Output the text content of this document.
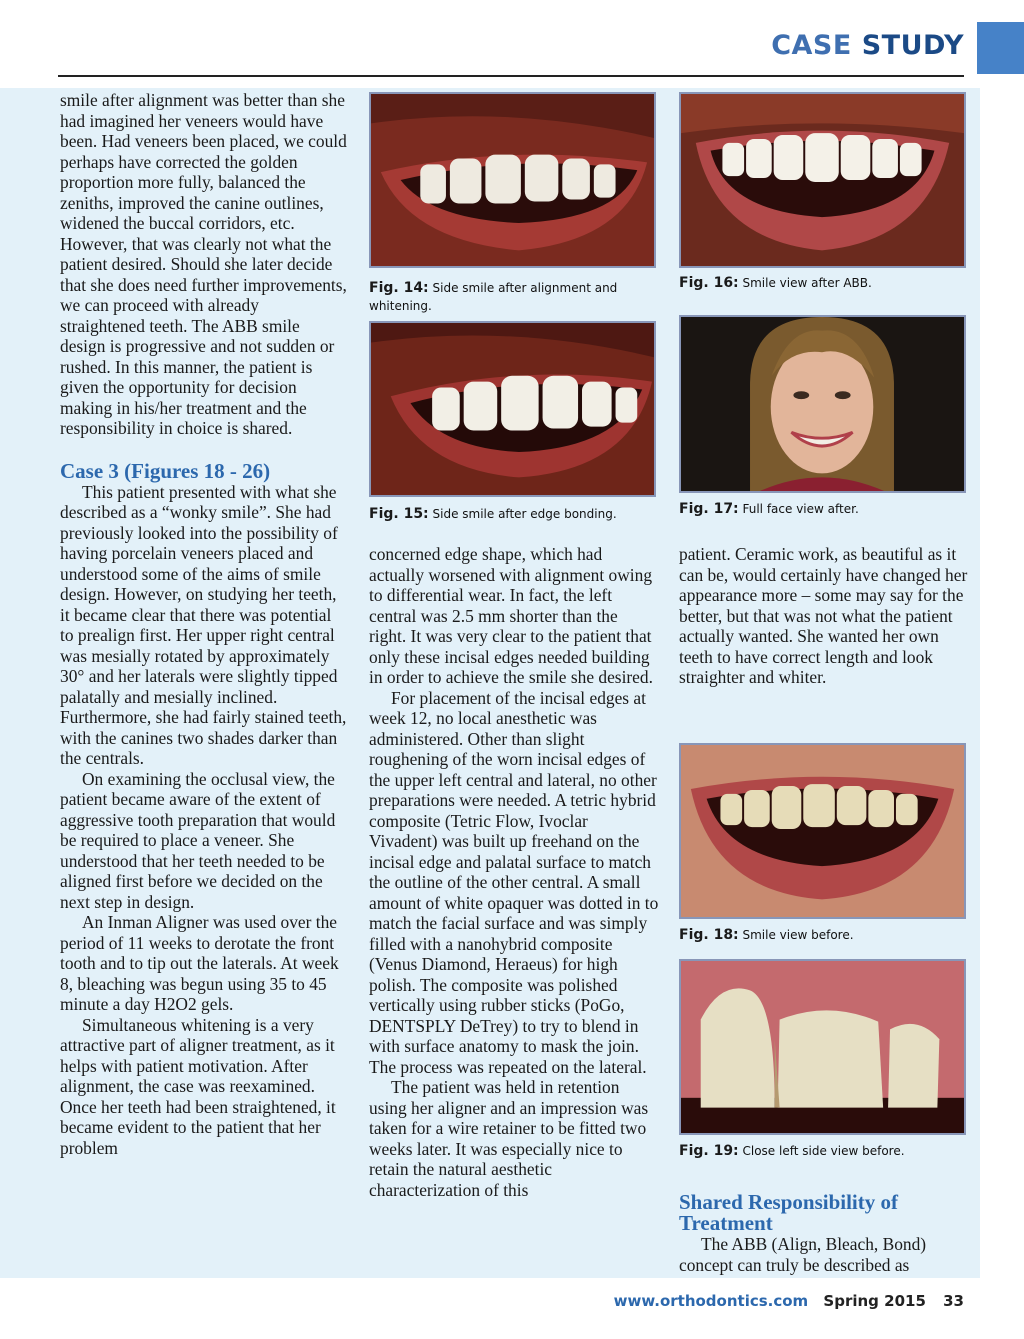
CASE STUDY

smile after alignment was better than she had imagined her veneers would have been. Had veneers been placed, we could perhaps have corrected the golden proportion more fully, balanced the zeniths, improved the canine outlines, widened the buccal corridors, etc. However, that was clearly not what the patient desired. Should she later decide that she does need further improvements, we can proceed with already straightened teeth. The ABB smile design is progressive and not sudden or rushed. In this manner, the patient is given the opportunity for decision making in his/her treatment and the responsibility in choice is shared.

Case 3 (Figures 18 - 26)

This patient presented with what she described as a “wonky smile”. She had previously looked into the possibility of having porcelain veneers placed and understood some of the aims of smile design. However, on studying her teeth, it became clear that there was potential to prealign first. Her upper right central was mesially rotated by approximately 30° and her laterals were slightly tipped palatally and mesially inclined. Furthermore, she had fairly stained teeth, with the canines two shades darker than the centrals.

On examining the occlusal view, the patient became aware of the extent of aggressive tooth preparation that would be required to place a veneer. She understood that her teeth needed to be aligned first before we decided on the next step in design.

An Inman Aligner was used over the period of 11 weeks to derotate the front tooth and to tip out the laterals. At week 8, bleaching was begun using 35 to 45 minute a day H2O2 gels.

Simultaneous whitening is a very attractive part of aligner treatment, as it helps with patient motivation. After alignment, the case was reexamined. Once her teeth had been straightened, it became evident to the patient that her problem

Fig. 14: Side smile after alignment and whitening.
Fig. 15: Side smile after edge bonding.

concerned edge shape, which had actually worsened with alignment owing to differential wear. In fact, the left central was 2.5 mm shorter than the right. It was very clear to the patient that only these incisal edges needed building in order to achieve the smile she desired.

For placement of the incisal edges at week 12, no local anesthetic was administered. Other than slight roughening of the worn incisal edges of the upper left central and lateral, no other preparations were needed. A tetric hybrid composite (Tetric Flow, Ivoclar Vivadent) was built up freehand on the incisal edge and palatal surface to match the outline of the other central. A small amount of white opaquer was dotted in to match the facial surface and was simply filled with a nanohybrid composite (Venus Diamond, Heraeus) for high polish. The composite was polished vertically using rubber sticks (PoGo, DENTSPLY DeTrey) to try to blend in with surface anatomy to mask the join. The process was repeated on the lateral.

The patient was held in retention using her aligner and an impression was taken for a wire retainer to be fitted two weeks later. It was especially nice to retain the natural aesthetic characterization of this

Fig. 16: Smile view after ABB.
Fig. 17: Full face view after.

patient. Ceramic work, as beautiful as it can be, would certainly have changed her appearance more – some may say for the better, but that was not what the patient actually wanted. She wanted her own teeth to have correct length and look straighter and whiter.

Fig. 18: Smile view before.
Fig. 19: Close left side view before.
Shared Responsibility of Treatment

The ABB (Align, Bleach, Bond) concept can truly be described as

www.orthodontics.com Spring 2015 33
